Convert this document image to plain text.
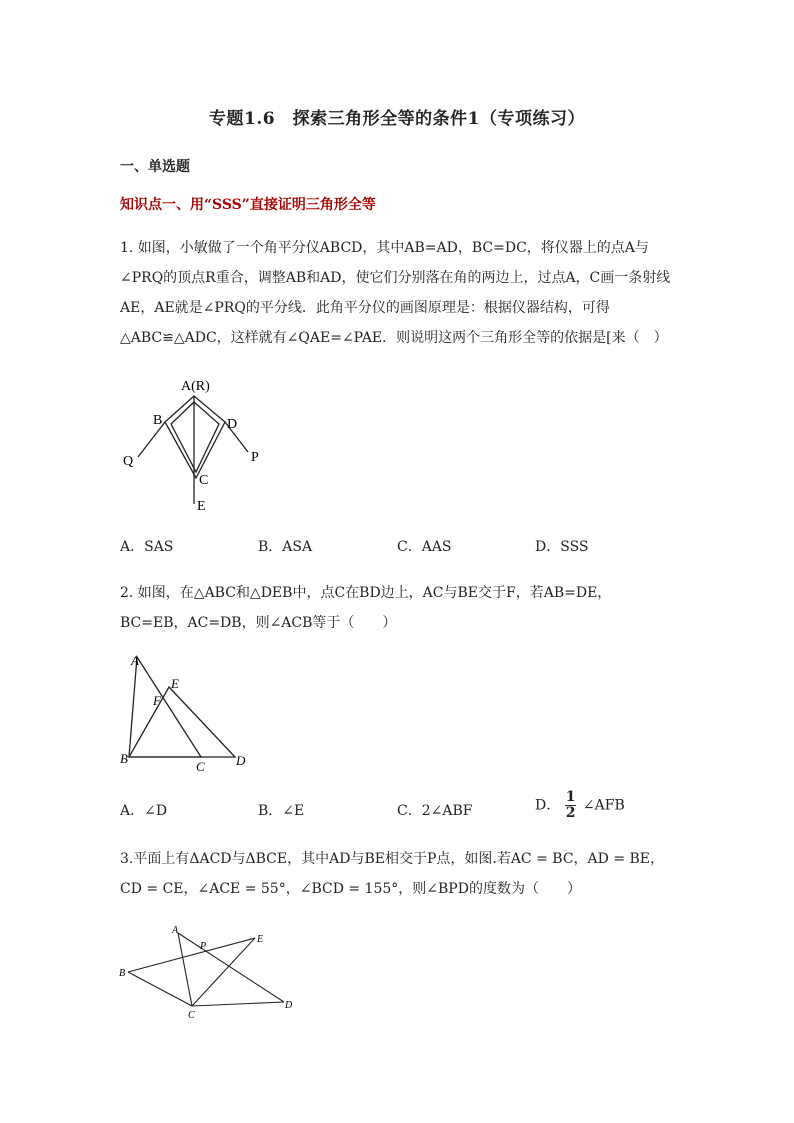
专题1.6　探索三角形全等的条件1（专项练习）
一、单选题
知识点一、用“SSS”直接证明三角形全等
1. 如图，小敏做了一个角平分仪ABCD，其中AB=AD，BC=DC，将仪器上的点A与∠PRQ的顶点R重合，调整AB和AD，使它们分别落在角的两边上，过点A，C画一条射线AE，AE就是∠PRQ的平分线．此角平分仪的画图原理是：根据仪器结构，可得△ABC≌△ADC，这样就有∠QAE=∠PAE．则说明这两个三角形全等的依据是[来（　）
A(R)
B	D
Q	P
C
E
A．SAS	B．ASA	C．AAS	D．SSS
2. 如图，在△ABC和△DEB中，点C在BD边上，AC与BE交于F，若AB=DE，BC=EB，AC=DB，则∠ACB等于（　　）
A
E
F
B
C D
A．∠D	B．∠E	C．2∠ABF	D． $\frac{1}{2}$ ∠AFB
3.平面上有ΔACD与ΔBCE，其中AD与BE相交于P点，如图.若AC = BC，AD = BE，
CD = CE，∠ACE = 55°，∠BCD = 155°，则∠BPD的度数为（　　）
A
P
E
B
C
D
